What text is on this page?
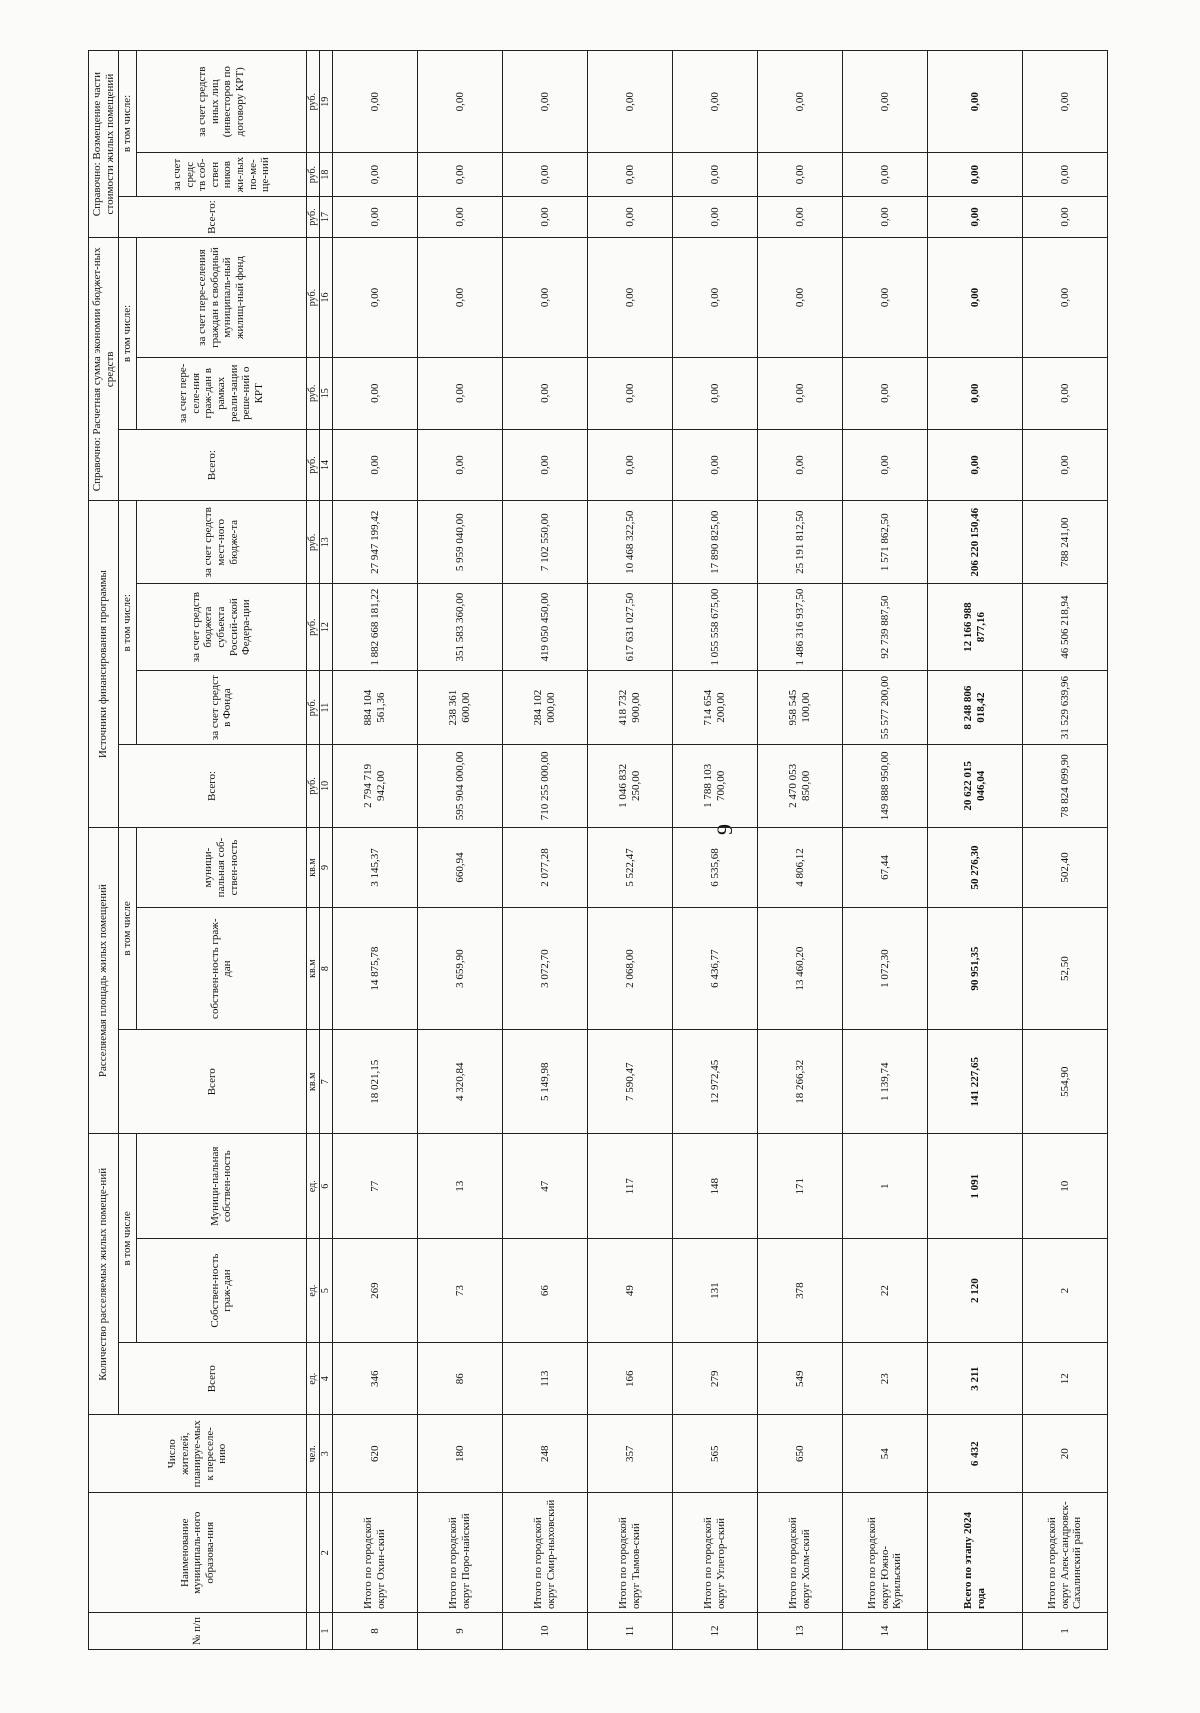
9
№ п/п	Наименование муниципаль-ного образова-ния	Число жителей, планируе-мых к переселе-нию	Количество расселяемых жилых помеще-ний			Расселяемая площадь жилых помещений			Источники финансирования программы				Справочно: Расчетная сумма экономии бюджет-ных средств			Справочно: Возмещение части стоимости жилых помещений		
			Всего	в том числе		Всего	в том числе		Всего:	в том числе:			Всего:	в том числе:		Все-го:	в том числе:	
				Собствен-ность граж-дан	Муници-пальная собствен-ность		собствен-ность граж-дан	муници-пальная соб-ствен-ность		за счет средст в Фонда	за счет средств бюджета субъекта Россий-ской Федера-ции	за счет средств мест-ного бюдже-та		за счет пере-селе-ния граж-дан в рамках реали-зации реше-ний о КРТ	за счет пере-селения граждан в свободный муниципаль-ный жилищ-ный фонд		за счет средс тв соб-ствен ников жи-лых по-ме-ще-ний	за счет средств иных лиц (инвесторов по договору КРТ)
		чел.	ед.	ед.	ед.	кв.м	кв.м	кв.м	руб.	руб.	руб.	руб.	руб.	руб.	руб.	руб.	руб.	руб.
1	2	3	4	5	6	7	8	9	10	11	12	13	14	15	16	17	18	19
8	Итого по городской округ Охин-ский	620	346	269	77	18 021,15	14 875,78	3 145,37	2 794 719 942,00	884 104 561,36	1 882 668 181,22	27 947 199,42	0,00	0,00	0,00	0,00	0,00	0,00
9	Итого по городской округ Поро-найский	180	86	73	13	4 320,84	3 659,90	660,94	595 904 000,00	238 361 600,00	351 583 360,00	5 959 040,00	0,00	0,00	0,00	0,00	0,00	0,00
10	Итого по городской округ Смир-ныховский	248	113	66	47	5 149,98	3 072,70	2 077,28	710 255 000,00	284 102 000,00	419 050 450,00	7 102 550,00	0,00	0,00	0,00	0,00	0,00	0,00
11	Итого по городской округ Тымов-ский	357	166	49	117	7 590,47	2 068,00	5 522,47	1 046 832 250,00	418 732 900,00	617 631 027,50	10 468 322,50	0,00	0,00	0,00	0,00	0,00	0,00
12	Итого по городской округ Углегор-ский	565	279	131	148	12 972,45	6 436,77	6 535,68	1 788 103 700,00	714 654 200,00	1 055 558 675,00	17 890 825,00	0,00	0,00	0,00	0,00	0,00	0,00
13	Итого по городской округ Холм-ский	650	549	378	171	18 266,32	13 460,20	4 806,12	2 470 053 850,00	958 545 100,00	1 486 316 937,50	25 191 812,50	0,00	0,00	0,00	0,00	0,00	0,00
14	Итого по городской округ Южно-Курильский	54	23	22	1	1 139,74	1 072,30	67,44	149 888 950,00	55 577 200,00	92 739 887,50	1 571 862,50	0,00	0,00	0,00	0,00	0,00	0,00
	Всего по этапу 2024 года	6 432	3 211	2 120	1 091	141 227,65	90 951,35	50 276,30	20 622 015 046,04	8 248 806 018,42	12 166 988 877,16	206 220 150,46	0,00	0,00	0,00	0,00	0,00	0,00
1	Итого по городской округ Алек-сандровск-Сахалинский район	20	12	2	10	554,90	52,50	502,40	78 824 099,90	31 529 639,96	46 506 218,94	788 241,00	0,00	0,00	0,00	0,00	0,00	0,00
